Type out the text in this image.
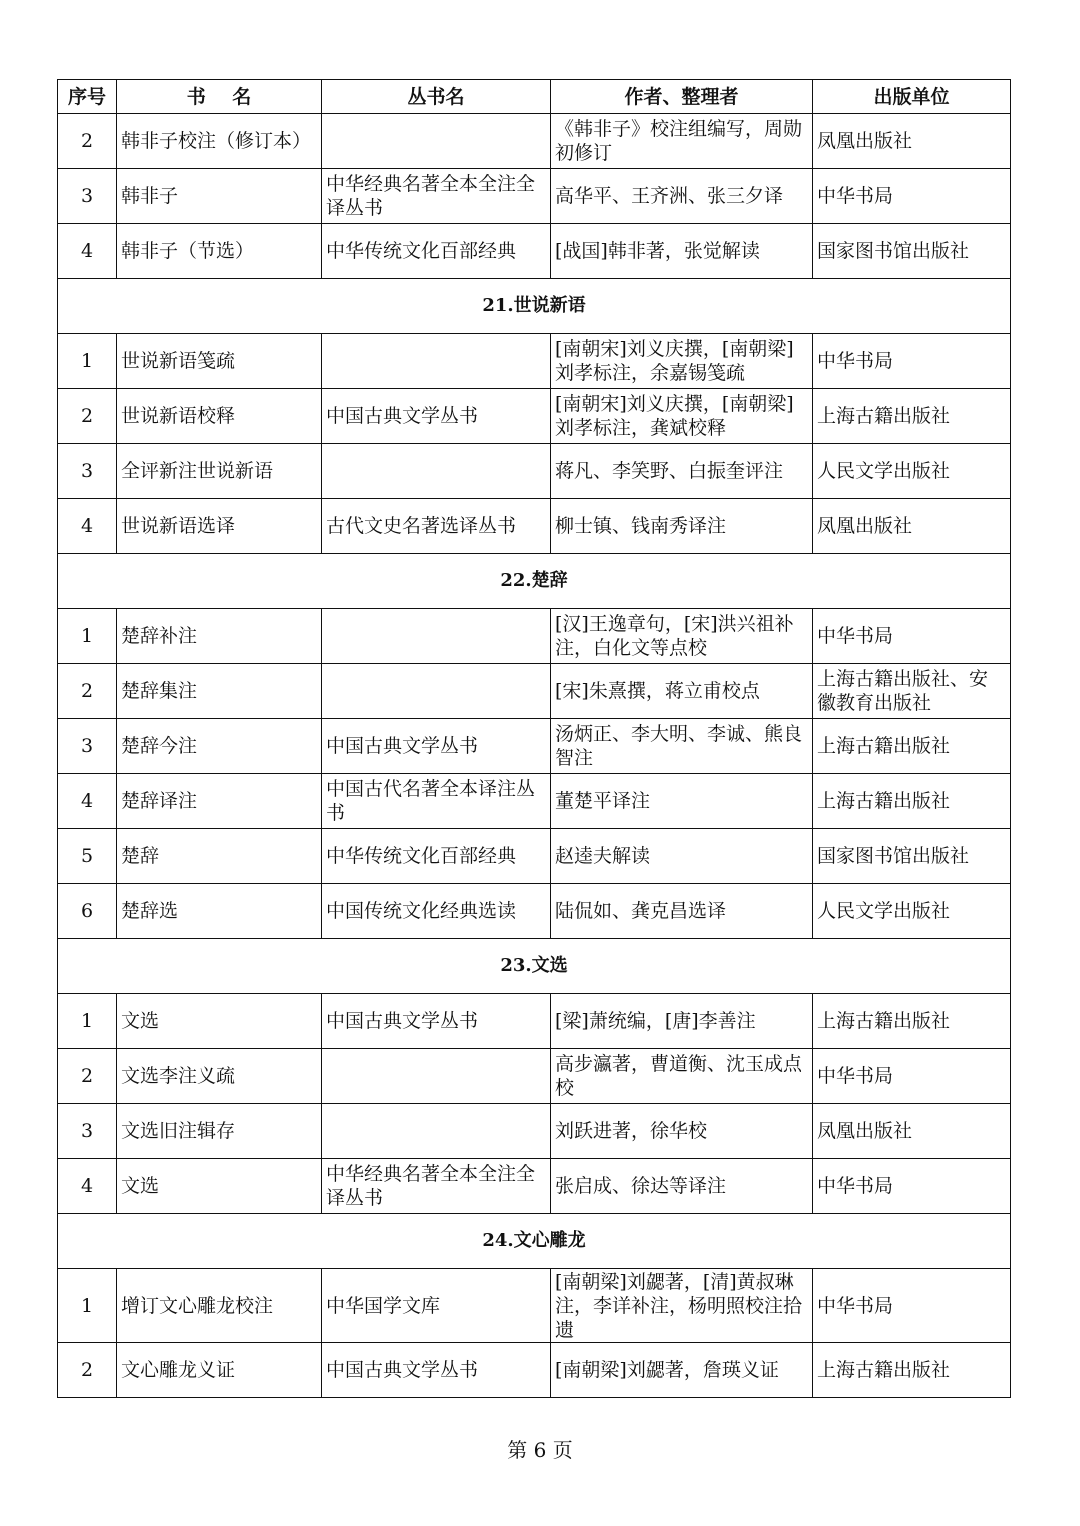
序号	书    名	丛书名	作者、整理者	出版单位
2	韩非子校注（修订本）		《韩非子》校注组编写，周勋初修订	凤凰出版社
3	韩非子	中华经典名著全本全注全译丛书	高华平、王齐洲、张三夕译	中华书局
4	韩非子（节选）	中华传统文化百部经典	[战国]韩非著，张觉解读	国家图书馆出版社
21.世说新语				
1	世说新语笺疏		[南朝宋]刘义庆撰，[南朝梁]刘孝标注，余嘉锡笺疏	中华书局
2	世说新语校释	中国古典文学丛书	[南朝宋]刘义庆撰，[南朝梁]刘孝标注，龚斌校释	上海古籍出版社
3	全评新注世说新语		蒋凡、李笑野、白振奎评注	人民文学出版社
4	世说新语选译	古代文史名著选译丛书	柳士镇、钱南秀译注	凤凰出版社
22.楚辞				
1	楚辞补注		[汉]王逸章句，[宋]洪兴祖补注，白化文等点校	中华书局
2	楚辞集注		[宋]朱熹撰，蒋立甫校点	上海古籍出版社、安徽教育出版社
3	楚辞今注	中国古典文学丛书	汤炳正、李大明、李诚、熊良智注	上海古籍出版社
4	楚辞译注	中国古代名著全本译注丛书	董楚平译注	上海古籍出版社
5	楚辞	中华传统文化百部经典	赵逵夫解读	国家图书馆出版社
6	楚辞选	中国传统文化经典选读	陆侃如、龚克昌选译	人民文学出版社
23.文选				
1	文选	中国古典文学丛书	[梁]萧统编，[唐]李善注	上海古籍出版社
2	文选李注义疏		高步瀛著，曹道衡、沈玉成点校	中华书局
3	文选旧注辑存		刘跃进著，徐华校	凤凰出版社
4	文选	中华经典名著全本全注全译丛书	张启成、徐达等译注	中华书局
24.文心雕龙				
1	增订文心雕龙校注	中华国学文库	[南朝梁]刘勰著，[清]黄叔琳注，李详补注，杨明照校注拾遗	中华书局
2	文心雕龙义证	中国古典文学丛书	[南朝梁]刘勰著，詹瑛义证	上海古籍出版社
第 6 页
